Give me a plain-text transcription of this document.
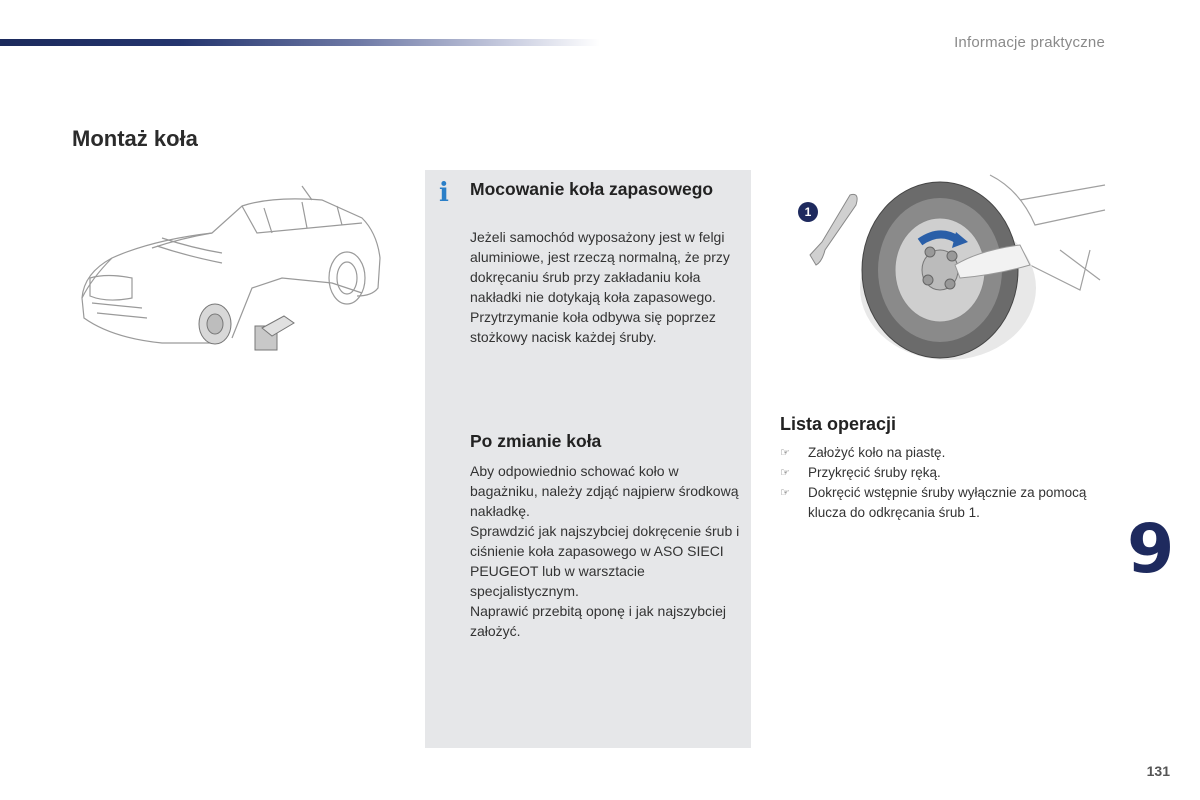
Informacje praktyczne
Montaż koła
i Mocowanie koła zapasowego
Jeżeli samochód wyposażony jest w felgi aluminiowe, jest rzeczą normalną, że przy dokręcaniu śrub przy zakładaniu koła nakładki nie dotykają koła zapasowego. Przytrzymanie koła odbywa się poprzez stożkowy nacisk każdej śruby.
Po zmianie koła
Aby odpowiednio schować koło w bagażniku, należy zdjąć najpierw środkową nakładkę.
Sprawdzić jak najszybciej dokręcenie śrub i ciśnienie koła zapasowego w ASO SIECI PEUGEOT lub w warsztacie specjalistycznym.
Naprawić przebitą oponę i jak najszybciej założyć.
1
Lista operacji
☞ Założyć koło na piastę.
☞ Przykręcić śruby ręką.
☞ Dokręcić wstępnie śruby wyłącznie za pomocą klucza do odkręcania śrub 1.	9
131
